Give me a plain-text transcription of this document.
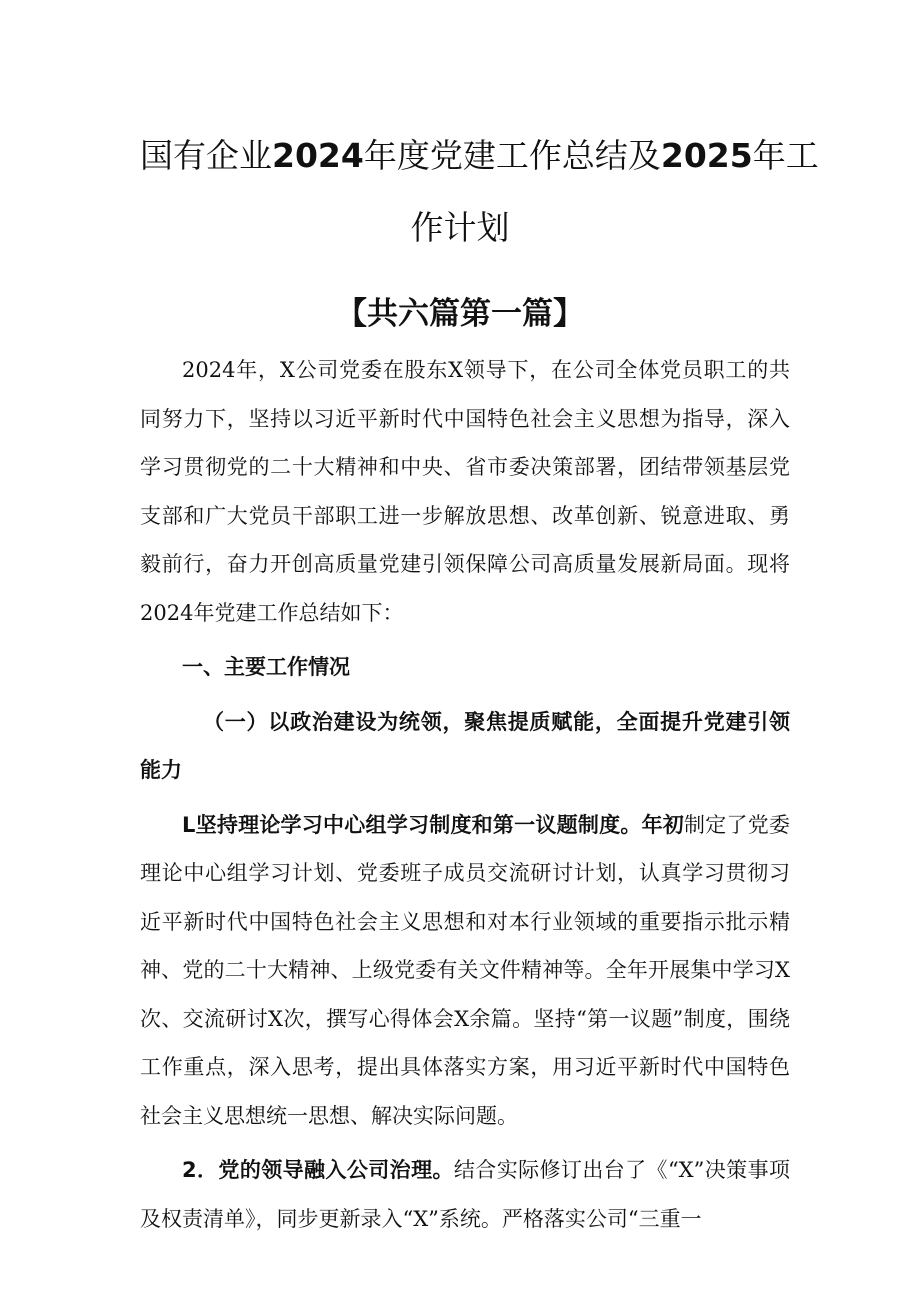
国有企业2024年度党建工作总结及2025年工
作计划
【共六篇第一篇】

2024年，X公司党委在股东X领导下，在公司全体党员职工的共同努力下，坚持以习近平新时代中国特色社会主义思想为指导，深入学习贯彻党的二十大精神和中央、省市委决策部署，团结带领基层党支部和广大党员干部职工进一步解放思想、改革创新、锐意进取、勇毅前行，奋力开创高质量党建引领保障公司高质量发展新局面。现将2024年党建工作总结如下：

一、主要工作情况

（一）以政治建设为统领，聚焦提质赋能，全面提升党建引领能力

L坚持理论学习中心组学习制度和第一议题制度。年初制定了党委理论中心组学习计划、党委班子成员交流研讨计划，认真学习贯彻习近平新时代中国特色社会主义思想和对本行业领域的重要指示批示精神、党的二十大精神、上级党委有关文件精神等。全年开展集中学习X次、交流研讨X次，撰写心得体会X余篇。坚持“第一议题”制度，围绕工作重点，深入思考，提出具体落实方案，用习近平新时代中国特色社会主义思想统一思想、解决实际问题。

2．党的领导融入公司治理。结合实际修订出台了《“X”决策事项及权责清单》，同步更新录入“X”系统。严格落实公司“三重一
